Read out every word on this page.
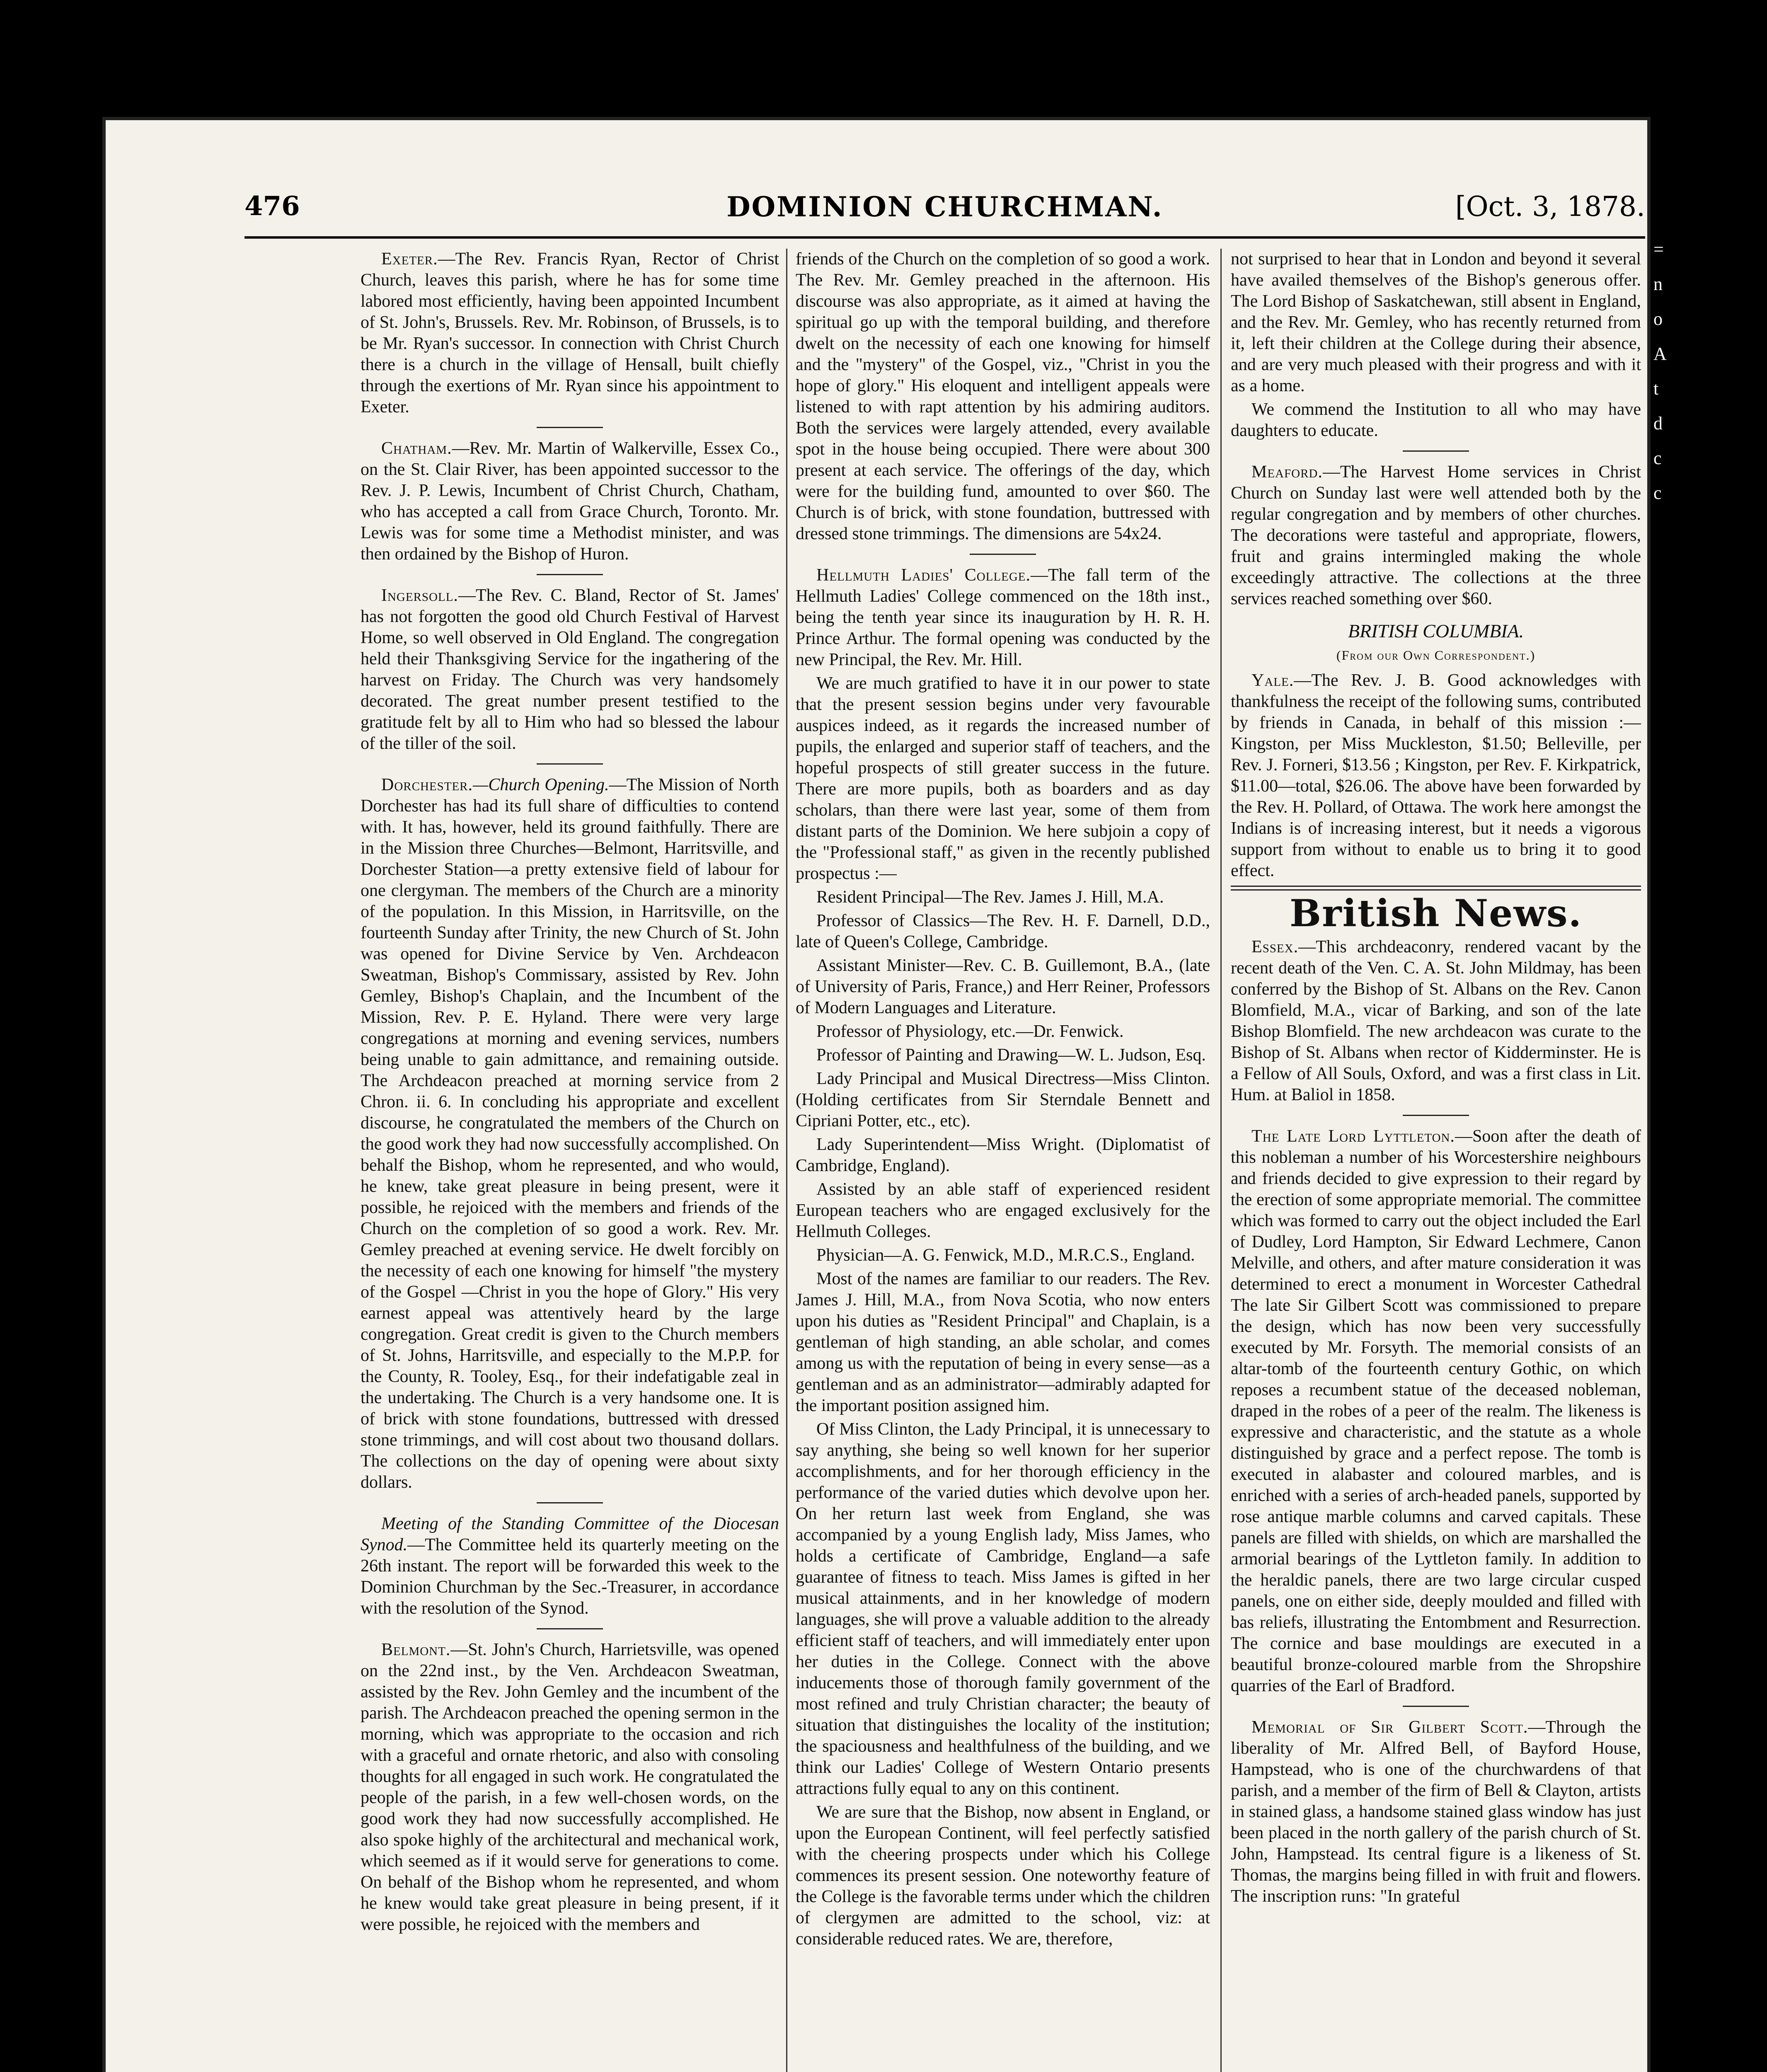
=
n
o
A
t
d
c
c
476	DOMINION CHURCHMAN.	[Oct. 3, 1878.

Exeter.—The Rev. Francis Ryan, Rector of Christ Church, leaves this parish, where he has for some time labored most efficiently, having been appointed Incumbent of St. John's, Brussels. Rev. Mr. Robinson, of Brussels, is to be Mr. Ryan's successor. In connection with Christ Church there is a church in the village of Hensall, built chiefly through the exertions of Mr. Ryan since his appointment to Exeter.

Chatham.—Rev. Mr. Martin of Walkerville, Essex Co., on the St. Clair River, has been appointed successor to the Rev. J. P. Lewis, Incumbent of Christ Church, Chatham, who has accepted a call from Grace Church, Toronto. Mr. Lewis was for some time a Methodist minister, and was then ordained by the Bishop of Huron.

Ingersoll.—The Rev. C. Bland, Rector of St. James' has not forgotten the good old Church Festival of Harvest Home, so well observed in Old England. The congregation held their Thanksgiving Service for the ingathering of the harvest on Friday. The Church was very handsomely decorated. The great number present testified to the gratitude felt by all to Him who had so blessed the labour of the tiller of the soil.

Dorchester.—Church Opening.—The Mission of North Dorchester has had its full share of difficulties to contend with. It has, however, held its ground faithfully. There are in the Mission three Churches—Belmont, Harritsville, and Dorchester Station—a pretty extensive field of labour for one clergyman. The members of the Church are a minority of the population. In this Mission, in Harritsville, on the fourteenth Sunday after Trinity, the new Church of St. John was opened for Divine Service by Ven. Archdeacon Sweatman, Bishop's Commissary, assisted by Rev. John Gemley, Bishop's Chaplain, and the Incumbent of the Mission, Rev. P. E. Hyland. There were very large congregations at morning and evening services, numbers being unable to gain admittance, and remaining outside. The Archdeacon preached at morning service from 2 Chron. ii. 6. In concluding his appropriate and excellent discourse, he congratulated the members of the Church on the good work they had now successfully accomplished. On behalf the Bishop, whom he represented, and who would, he knew, take great pleasure in being present, were it possible, he rejoiced with the members and friends of the Church on the completion of so good a work. Rev. Mr. Gemley preached at evening service. He dwelt forcibly on the necessity of each one knowing for himself "the mystery of the Gospel —Christ in you the hope of Glory." His very earnest appeal was attentively heard by the large congregation. Great credit is given to the Church members of St. Johns, Harritsville, and especially to the M.P.P. for the County, R. Tooley, Esq., for their indefatigable zeal in the undertaking. The Church is a very handsome one. It is of brick with stone foundations, buttressed with dressed stone trimmings, and will cost about two thousand dollars. The collections on the day of opening were about sixty dollars.

Meeting of the Standing Committee of the Diocesan Synod.—The Committee held its quarterly meeting on the 26th instant. The report will be forwarded this week to the Dominion Churchman by the Sec.-Treasurer, in accordance with the resolution of the Synod.

Belmont.—St. John's Church, Harrietsville, was opened on the 22nd inst., by the Ven. Archdeacon Sweatman, assisted by the Rev. John Gemley and the incumbent of the parish. The Archdeacon preached the opening sermon in the morning, which was appropriate to the occasion and rich with a graceful and ornate rhetoric, and also with consoling thoughts for all engaged in such work. He congratulated the people of the parish, in a few well-chosen words, on the good work they had now successfully accomplished. He also spoke highly of the architectural and mechanical work, which seemed as if it would serve for generations to come. On behalf of the Bishop whom he represented, and whom he knew would take great pleasure in being present, if it were possible, he rejoiced with the members and

friends of the Church on the completion of so good a work. The Rev. Mr. Gemley preached in the afternoon. His discourse was also appropriate, as it aimed at having the spiritual go up with the temporal building, and therefore dwelt on the necessity of each one knowing for himself and the "mystery" of the Gospel, viz., "Christ in you the hope of glory." His eloquent and intelligent appeals were listened to with rapt attention by his admiring auditors. Both the services were largely attended, every available spot in the house being occupied. There were about 300 present at each service. The offerings of the day, which were for the building fund, amounted to over $60. The Church is of brick, with stone foundation, buttressed with dressed stone trimmings. The dimensions are 54x24.

Hellmuth Ladies' College.—The fall term of the Hellmuth Ladies' College commenced on the 18th inst., being the tenth year since its inauguration by H. R. H. Prince Arthur. The formal opening was conducted by the new Principal, the Rev. Mr. Hill.

We are much gratified to have it in our power to state that the present session begins under very favourable auspices indeed, as it regards the increased number of pupils, the enlarged and superior staff of teachers, and the hopeful prospects of still greater success in the future. There are more pupils, both as boarders and as day scholars, than there were last year, some of them from distant parts of the Dominion. We here subjoin a copy of the "Professional staff," as given in the recently published prospectus :—

Resident Principal—The Rev. James J. Hill, M.A.

Professor of Classics—The Rev. H. F. Darnell, D.D., late of Queen's College, Cambridge.

Assistant Minister—Rev. C. B. Guillemont, B.A., (late of University of Paris, France,) and Herr Reiner, Professors of Modern Languages and Literature.

Professor of Physiology, etc.—Dr. Fenwick.

Professor of Painting and Drawing—W. L. Judson, Esq.

Lady Principal and Musical Directress—Miss Clinton. (Holding certificates from Sir Sterndale Bennett and Cipriani Potter, etc., etc).

Lady Superintendent—Miss Wright. (Diplomatist of Cambridge, England).

Assisted by an able staff of experienced resident European teachers who are engaged exclusively for the Hellmuth Colleges.

Physician—A. G. Fenwick, M.D., M.R.C.S., England.

Most of the names are familiar to our readers. The Rev. James J. Hill, M.A., from Nova Scotia, who now enters upon his duties as "Resident Principal" and Chaplain, is a gentleman of high standing, an able scholar, and comes among us with the reputation of being in every sense—as a gentleman and as an administrator—admirably adapted for the important position assigned him.

Of Miss Clinton, the Lady Principal, it is unnecessary to say anything, she being so well known for her superior accomplishments, and for her thorough efficiency in the performance of the varied duties which devolve upon her. On her return last week from England, she was accompanied by a young English lady, Miss James, who holds a certificate of Cambridge, England—a safe guarantee of fitness to teach. Miss James is gifted in her musical attainments, and in her knowledge of modern languages, she will prove a valuable addition to the already efficient staff of teachers, and will immediately enter upon her duties in the College. Connect with the above inducements those of thorough family government of the most refined and truly Christian character; the beauty of situation that distinguishes the locality of the institution; the spaciousness and healthfulness of the building, and we think our Ladies' College of Western Ontario presents attractions fully equal to any on this continent.

We are sure that the Bishop, now absent in England, or upon the European Continent, will feel perfectly satisfied with the cheering prospects under which his College commences its present session. One noteworthy feature of the College is the favorable terms under which the children of clergymen are admitted to the school, viz: at considerable reduced rates. We are, therefore,

not surprised to hear that in London and beyond it several have availed themselves of the Bishop's generous offer. The Lord Bishop of Saskatchewan, still absent in England, and the Rev. Mr. Gemley, who has recently returned from it, left their children at the College during their absence, and are very much pleased with their progress and with it as a home.

We commend the Institution to all who may have daughters to educate.

Meaford.—The Harvest Home services in Christ Church on Sunday last were well attended both by the regular congregation and by members of other churches. The decorations were tasteful and appropriate, flowers, fruit and grains intermingled making the whole exceedingly attractive. The collections at the three services reached something over $60.

BRITISH COLUMBIA.
(From our Own Correspondent.)

Yale.—The Rev. J. B. Good acknowledges with thankfulness the receipt of the following sums, contributed by friends in Canada, in behalf of this mission :—Kingston, per Miss Muckleston, $1.50; Belleville, per Rev. J. Forneri, $13.56 ; Kingston, per Rev. F. Kirkpatrick, $11.00—total, $26.06. The above have been forwarded by the Rev. H. Pollard, of Ottawa. The work here amongst the Indians is of increasing interest, but it needs a vigorous support from without to enable us to bring it to good effect.

British News.

Essex.—This archdeaconry, rendered vacant by the recent death of the Ven. C. A. St. John Mildmay, has been conferred by the Bishop of St. Albans on the Rev. Canon Blomfield, M.A., vicar of Barking, and son of the late Bishop Blomfield. The new archdeacon was curate to the Bishop of St. Albans when rector of Kidderminster. He is a Fellow of All Souls, Oxford, and was a first class in Lit. Hum. at Baliol in 1858.

The Late Lord Lyttleton.—Soon after the death of this nobleman a number of his Worcestershire neighbours and friends decided to give expression to their regard by the erection of some appropriate memorial. The committee which was formed to carry out the object included the Earl of Dudley, Lord Hampton, Sir Edward Lechmere, Canon Melville, and others, and after mature consideration it was determined to erect a monument in Worcester Cathedral The late Sir Gilbert Scott was commissioned to prepare the design, which has now been very successfully executed by Mr. Forsyth. The memorial consists of an altar-tomb of the fourteenth century Gothic, on which reposes a recumbent statue of the deceased nobleman, draped in the robes of a peer of the realm. The likeness is expressive and characteristic, and the statute as a whole distinguished by grace and a perfect repose. The tomb is executed in alabaster and coloured marbles, and is enriched with a series of arch-headed panels, supported by rose antique marble columns and carved capitals. These panels are filled with shields, on which are marshalled the armorial bearings of the Lyttleton family. In addition to the heraldic panels, there are two large circular cusped panels, one on either side, deeply moulded and filled with bas reliefs, illustrating the Entombment and Resurrection. The cornice and base mouldings are executed in a beautiful bronze-coloured marble from the Shropshire quarries of the Earl of Bradford.

Memorial of Sir Gilbert Scott.—Through the liberality of Mr. Alfred Bell, of Bayford House, Hampstead, who is one of the churchwardens of that parish, and a member of the firm of Bell & Clayton, artists in stained glass, a handsome stained glass window has just been placed in the north gallery of the parish church of St. John, Hampstead. Its central figure is a likeness of St. Thomas, the margins being filled in with fruit and flowers. The inscription runs: "In grateful
